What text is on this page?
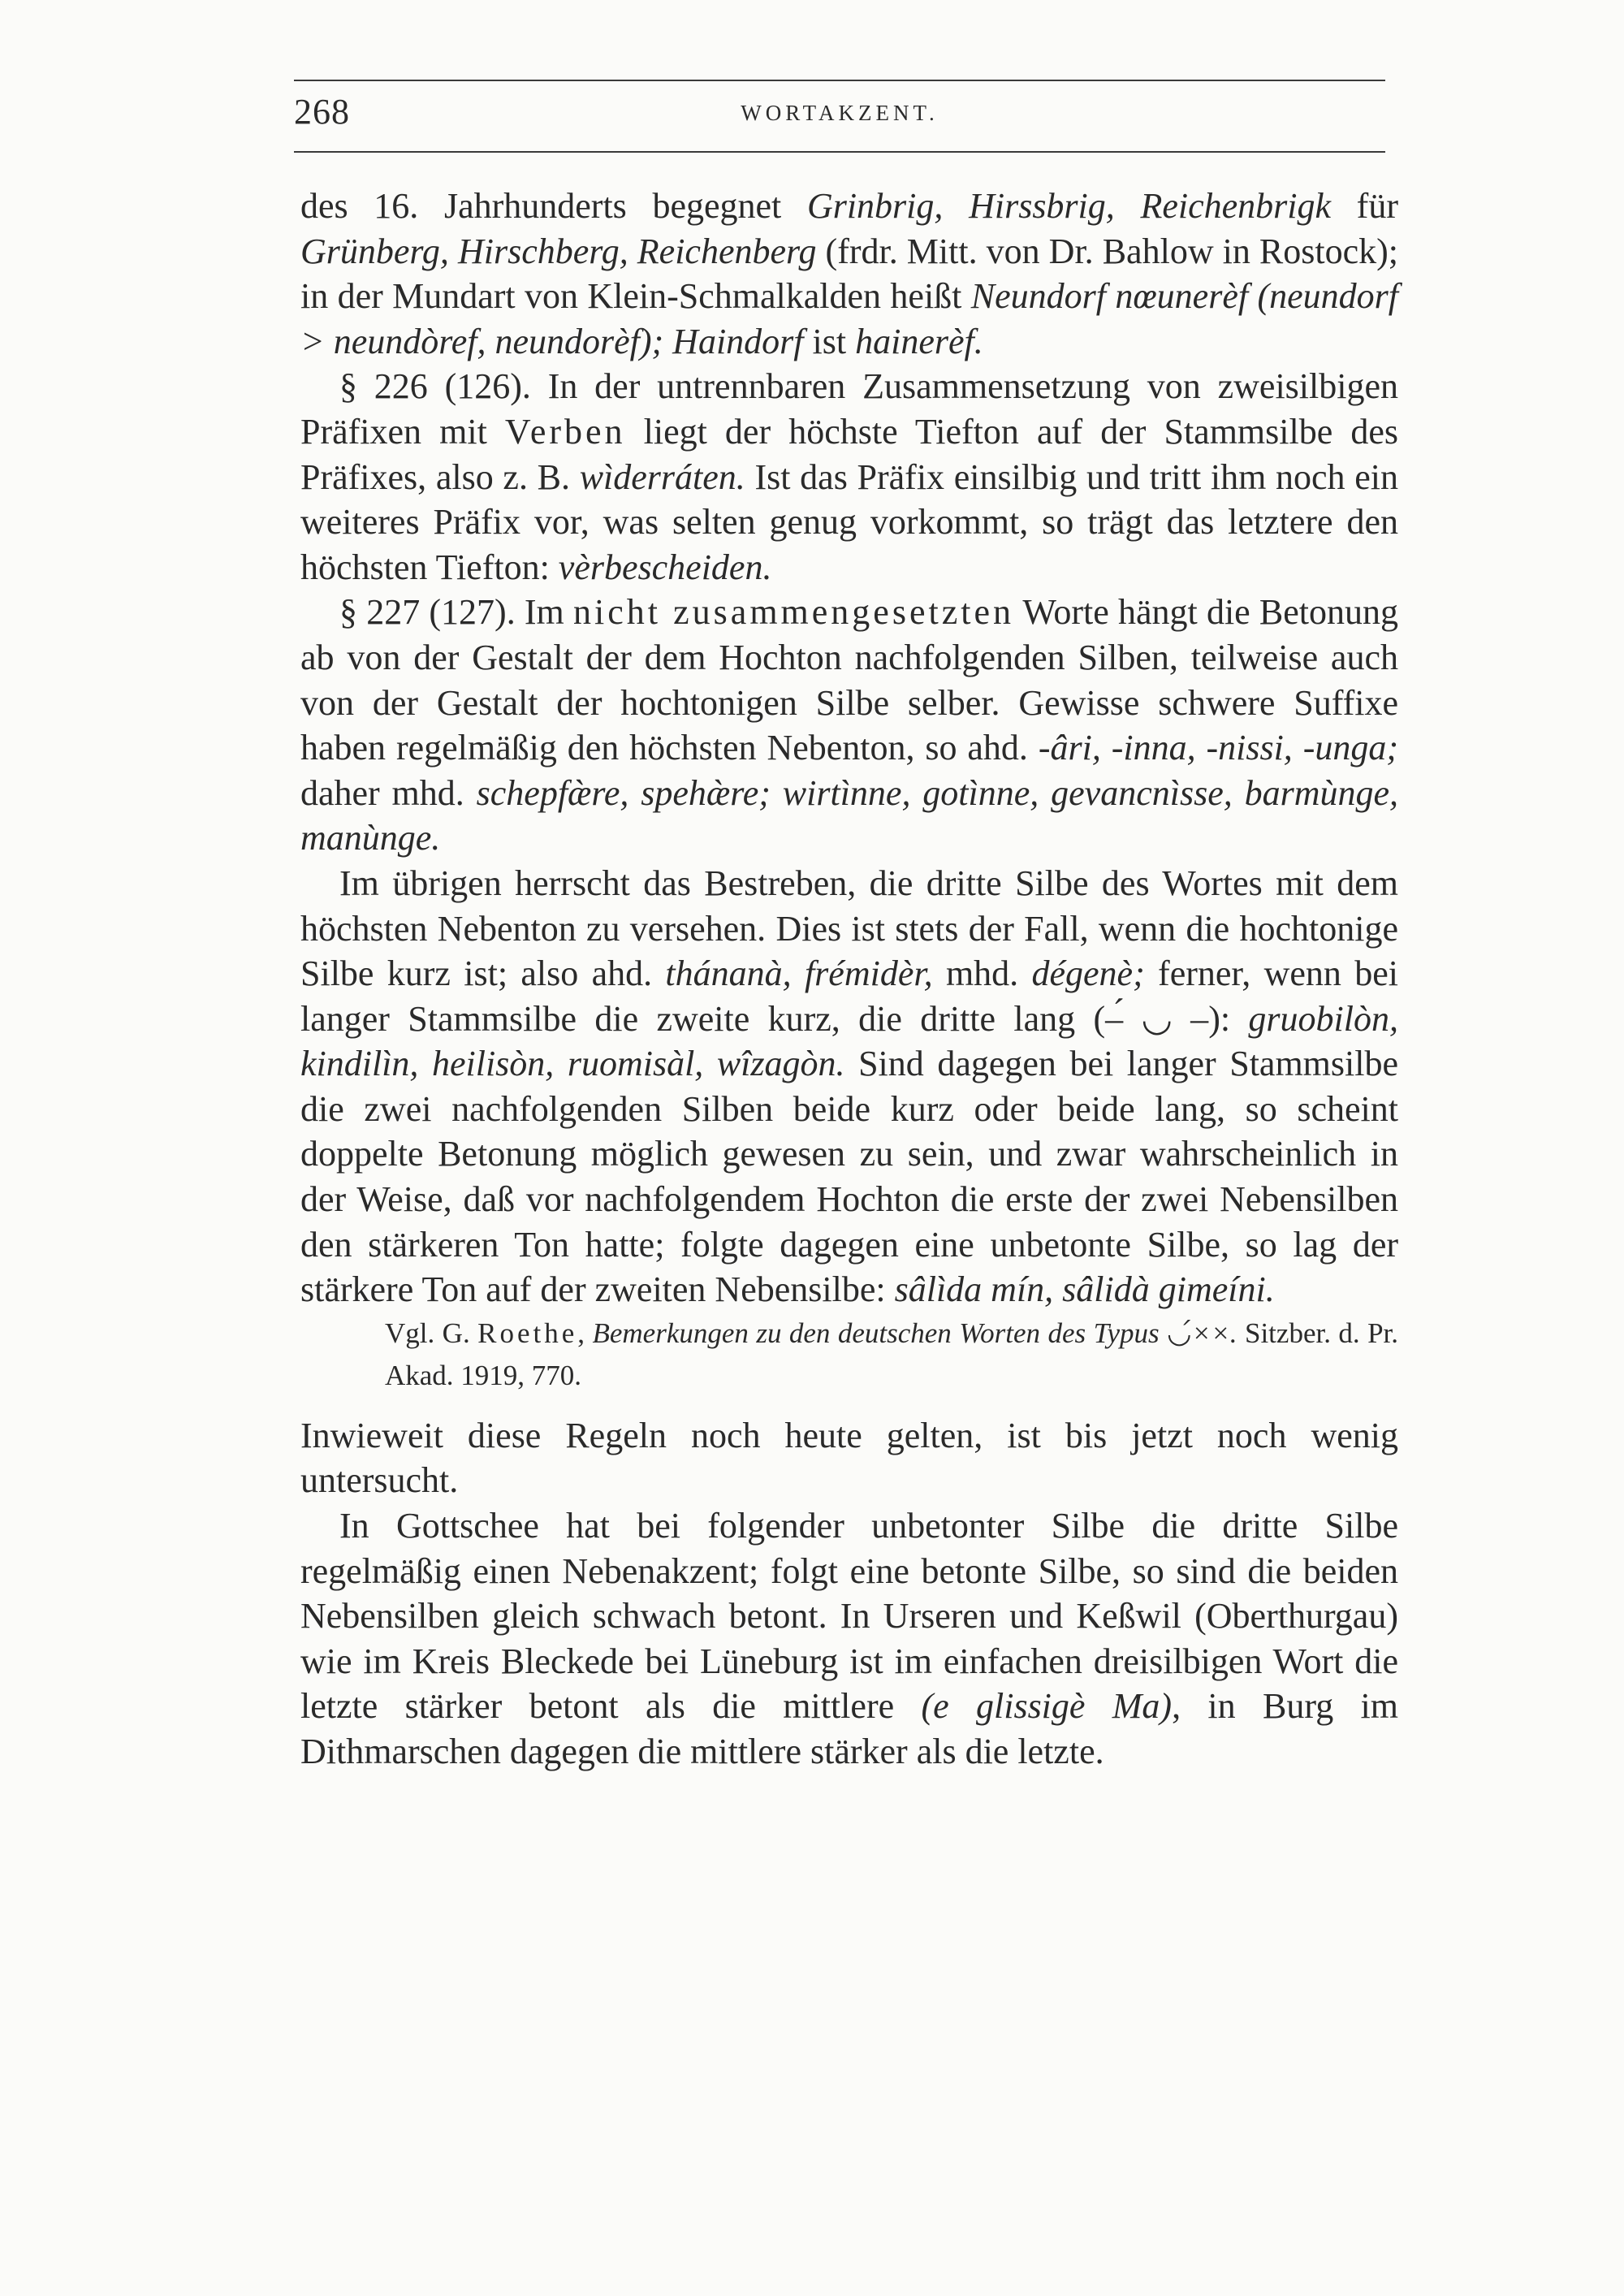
268	WORTAKZENT.

des 16. Jahrhunderts begegnet Grinbrig, Hirssbrig, Reichenbrigk für Grünberg, Hirschberg, Reichenberg (frdr. Mitt. von Dr. Bahlow in Rostock); in der Mundart von Klein-Schmalkalden heißt Neundorf nœunerèf (neundorf > neundòref, neundorèf); Haindorf ist hainerèf.

§ 226 (126). In der untrennbaren Zusammensetzung von zweisilbigen Präfixen mit Verben liegt der höchste Tiefton auf der Stammsilbe des Präfixes, also z. B. wìderráten. Ist das Präfix einsilbig und tritt ihm noch ein weiteres Präfix vor, was selten genug vorkommt, so trägt das letztere den höchsten Tiefton: vèrbescheiden.

§ 227 (127). Im nicht zusammengesetzten Worte hängt die Betonung ab von der Gestalt der dem Hochton nachfolgenden Silben, teilweise auch von der Gestalt der hochtonigen Silbe selber. Gewisse schwere Suffixe haben regelmäßig den höchsten Nebenton, so ahd. -âri, -inna, -nissi, -unga; daher mhd. schepfæ̀re, spehæ̀re; wirtìnne, gotìnne, gevancnìsse, barmùnge, manùnge.

Im übrigen herrscht das Bestreben, die dritte Silbe des Wortes mit dem höchsten Nebenton zu versehen. Dies ist stets der Fall, wenn die hochtonige Silbe kurz ist; also ahd. thánanà, frémidèr, mhd. dégenè; ferner, wenn bei langer Stammsilbe die zweite kurz, die dritte lang (–́ ◡ –): gruobilòn, kindilìn, heilisòn, ruomisàl, wîzagòn. Sind dagegen bei langer Stammsilbe die zwei nachfolgenden Silben beide kurz oder beide lang, so scheint doppelte Betonung möglich gewesen zu sein, und zwar wahrscheinlich in der Weise, daß vor nachfolgendem Hochton die erste der zwei Nebensilben den stärkeren Ton hatte; folgte dagegen eine unbetonte Silbe, so lag der stärkere Ton auf der zweiten Nebensilbe: sâlìda mín, sâlidà gimeíni.

Vgl. G. Roethe, Bemerkungen zu den deutschen Worten des Typus ◡́××. Sitzber. d. Pr. Akad. 1919, 770.

Inwieweit diese Regeln noch heute gelten, ist bis jetzt noch wenig untersucht.

In Gottschee hat bei folgender unbetonter Silbe die dritte Silbe regelmäßig einen Nebenakzent; folgt eine betonte Silbe, so sind die beiden Nebensilben gleich schwach betont. In Urseren und Keßwil (Oberthurgau) wie im Kreis Bleckede bei Lüneburg ist im einfachen dreisilbigen Wort die letzte stärker betont als die mittlere (e glissigè Ma), in Burg im Dithmarschen dagegen die mittlere stärker als die letzte.
